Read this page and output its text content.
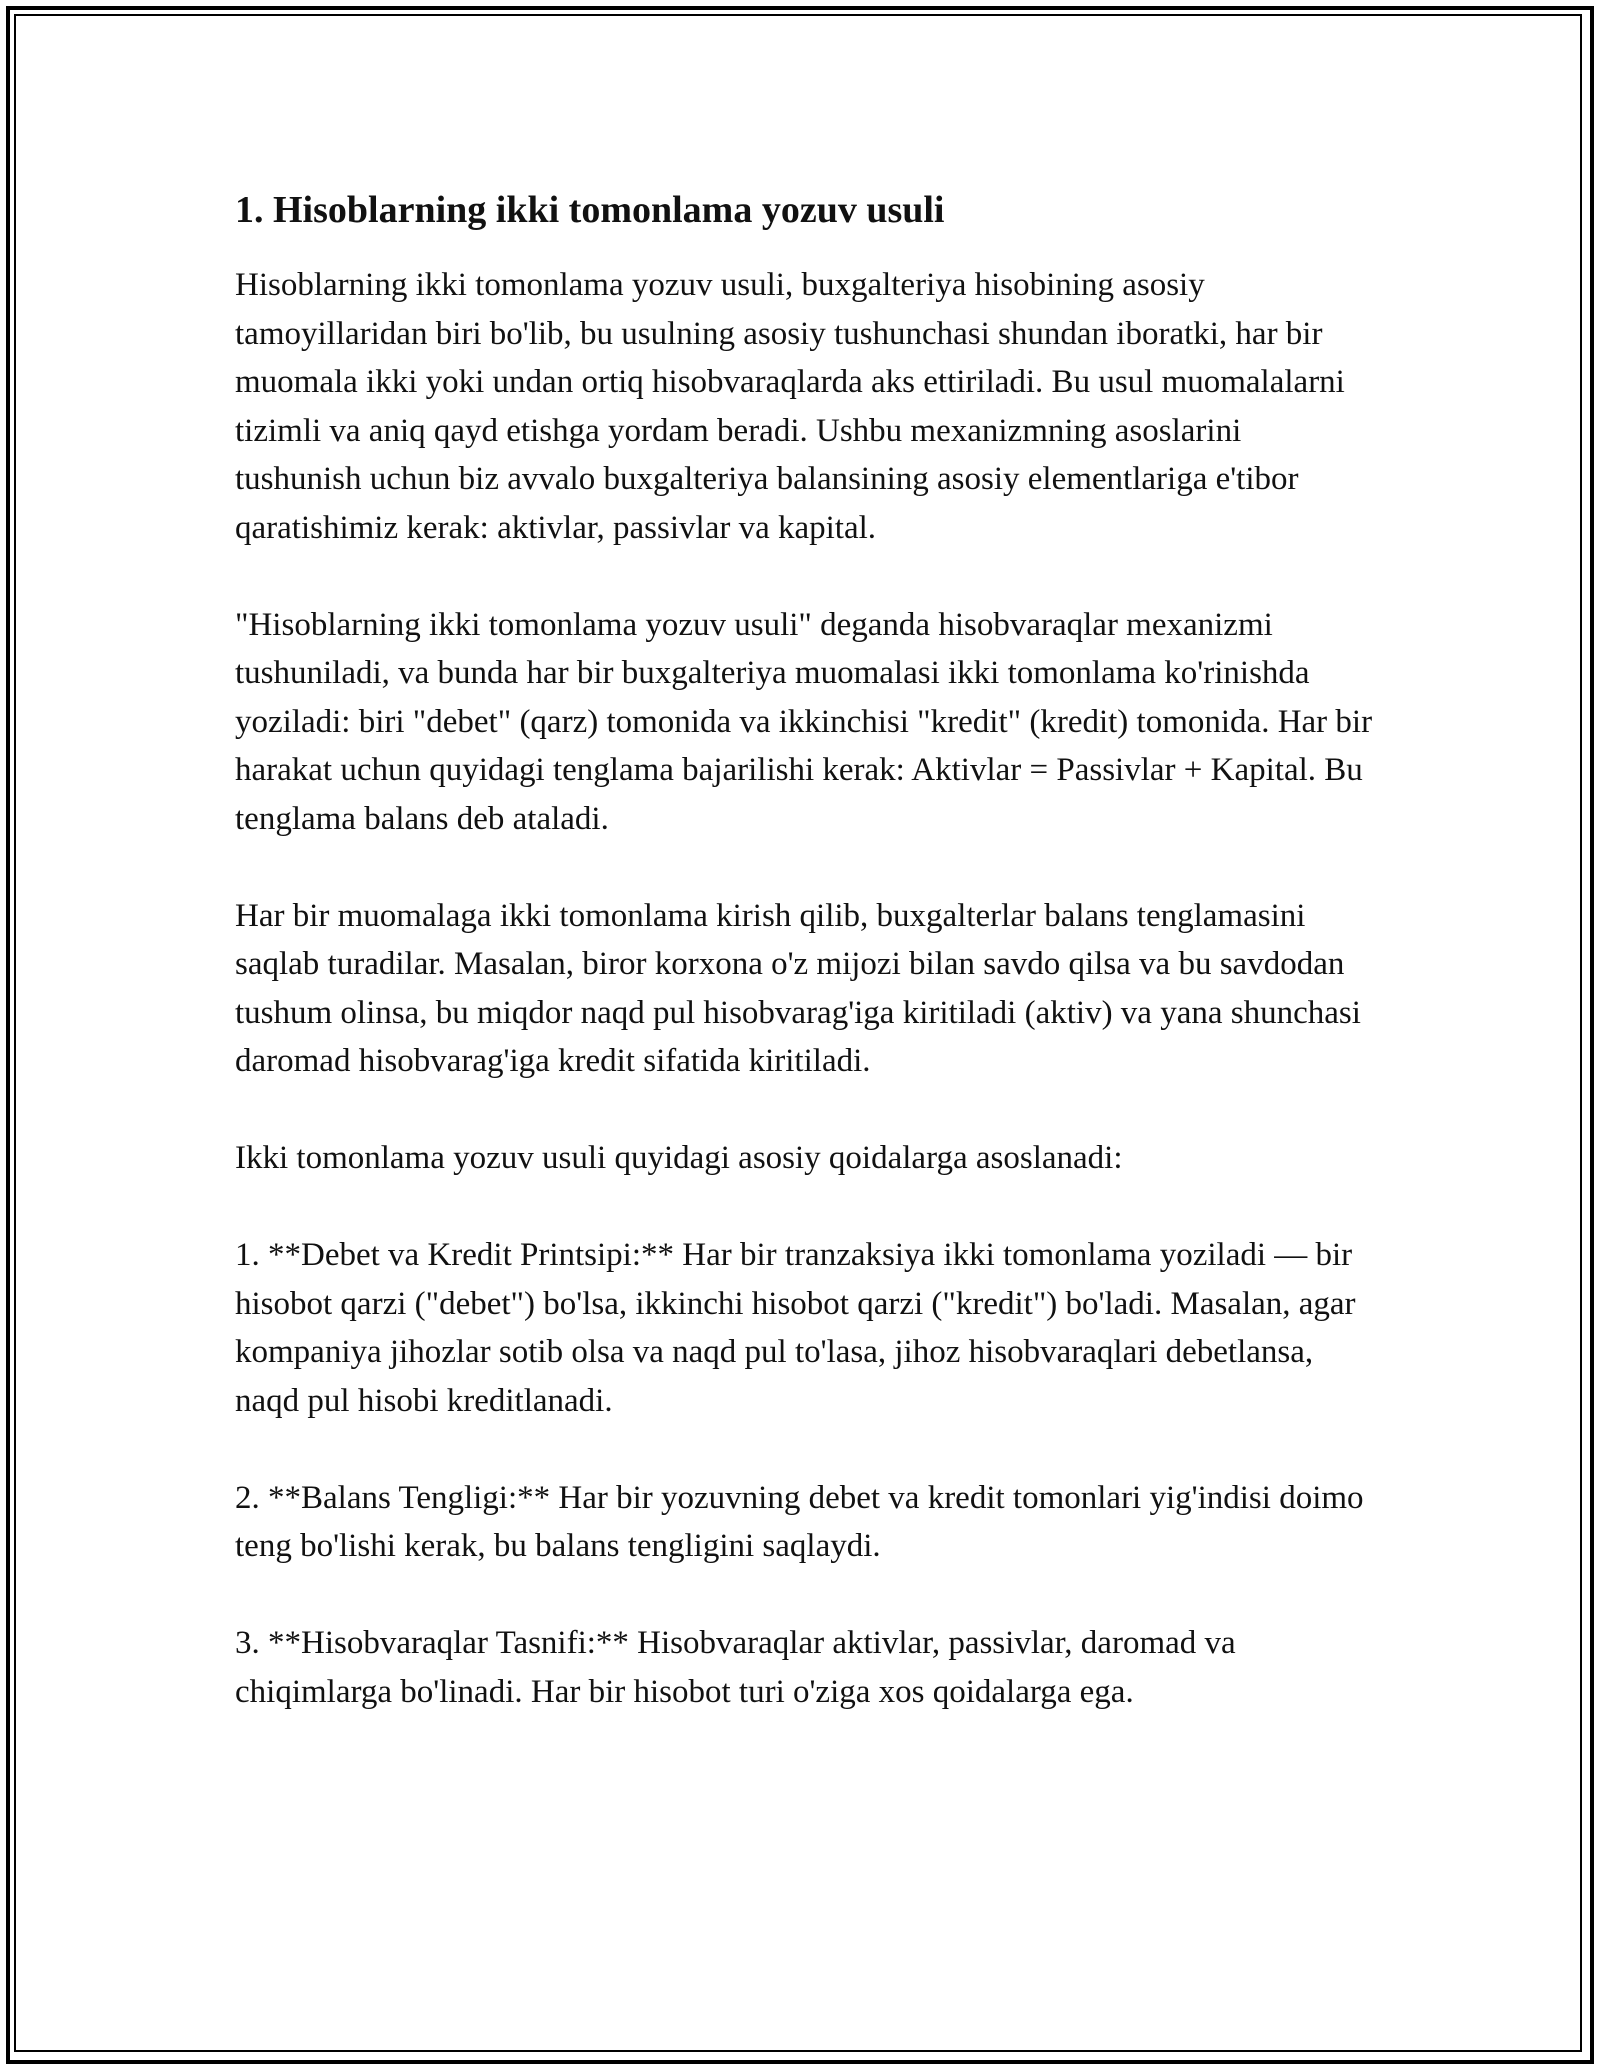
1. Hisoblarning ikki tomonlama yozuv usuli

Hisoblarning ikki tomonlama yozuv usuli, buxgalteriya hisobining asosiy tamoyillaridan biri bo'lib, bu usulning asosiy tushunchasi shundan iboratki, har bir muomala ikki yoki undan ortiq hisobvaraqlarda aks ettiriladi. Bu usul muomalalarni tizimli va aniq qayd etishga yordam beradi. Ushbu mexanizmning asoslarini tushunish uchun biz avvalo buxgalteriya balansining asosiy elementlariga e'tibor qaratishimiz kerak: aktivlar, passivlar va kapital.

"Hisoblarning ikki tomonlama yozuv usuli" deganda hisobvaraqlar mexanizmi tushuniladi, va bunda har bir buxgalteriya muomalasi ikki tomonlama ko'rinishda yoziladi: biri "debet" (qarz) tomonida va ikkinchisi "kredit" (kredit) tomonida. Har bir harakat uchun quyidagi tenglama bajarilishi kerak: Aktivlar = Passivlar + Kapital. Bu tenglama balans deb ataladi.

Har bir muomalaga ikki tomonlama kirish qilib, buxgalterlar balans tenglamasini saqlab turadilar. Masalan, biror korxona o'z mijozi bilan savdo qilsa va bu savdodan tushum olinsa, bu miqdor naqd pul hisobvarag'iga kiritiladi (aktiv) va yana shunchasi daromad hisobvarag'iga kredit sifatida kiritiladi.

Ikki tomonlama yozuv usuli quyidagi asosiy qoidalarga asoslanadi:

1. **Debet va Kredit Printsipi:** Har bir tranzaksiya ikki tomonlama yoziladi — bir hisobot qarzi ("debet") bo'lsa, ikkinchi hisobot qarzi ("kredit") bo'ladi. Masalan, agar kompaniya jihozlar sotib olsa va naqd pul to'lasa, jihoz hisobvaraqlari debetlansa, naqd pul hisobi kreditlanadi.

2. **Balans Tengligi:** Har bir yozuvning debet va kredit tomonlari yig'indisi doimo teng bo'lishi kerak, bu balans tengligini saqlaydi.

3. **Hisobvaraqlar Tasnifi:** Hisobvaraqlar aktivlar, passivlar, daromad va chiqimlarga bo'linadi. Har bir hisobot turi o'ziga xos qoidalarga ega.
